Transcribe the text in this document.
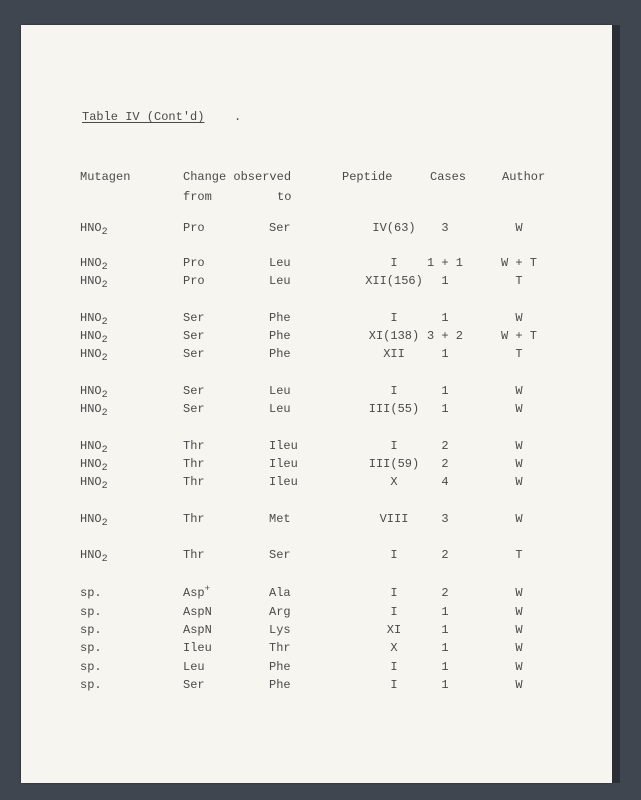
Table IV (Cont'd) .
Mutagen	Change observed
from	to
Peptide	Cases	Author
$HNO_2$	Pro	Ser	IV(63)	3	W
$HNO_2$	Pro	Leu	I	1 + 1	W + T
$HNO_2$	Pro	Leu	XII(156)	1	T
$HNO_2$	Ser	Phe	I	1	W
$HNO_2$	Ser	Phe	XI(138) 3 + 2	W + T
$HNO_2$	Ser	Phe	XII	1	T
$HNO_2$	Ser	Leu	I	1	W
$HNO_2$	Ser	Leu	III(55)	1	W
$HNO_2$	Thr	Ileu	I	2	W
$HNO_2$	Thr	Ileu	III(59)	2	W
$HNO_2$	Thr	Ileu	X	4	W
$HNO_2$	Thr	Met	VIII	3	W
$HNO_2$	Thr	Ser	I	2	T
sp.	Asp+	Ala	I	2	W
sp.	AspN	Arg	I	1	W
sp.	AspN	Lys	XI	1	W
sp.	Ileu	Thr	X	1	W
sp.	Leu	Phe	I	1	W
sp.	Ser	Phe	I	1	W
